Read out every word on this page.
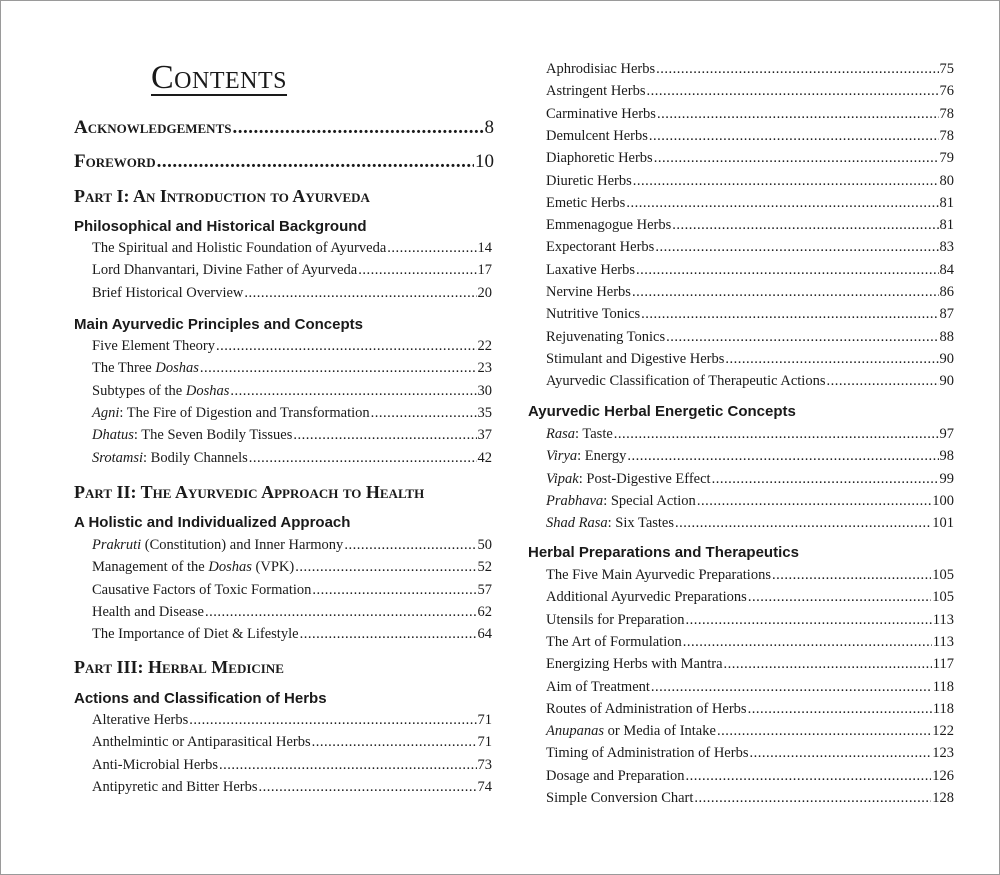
Contents
Acknowledgements .....	8
Foreword .....	10
Part I: An Introduction to Ayurveda
Philosophical and Historical Background
The Spiritual and Holistic Foundation of Ayurveda .....	14
Lord Dhanvantari, Divine Father of Ayurveda .....	17
Brief Historical Overview .....	20
Main Ayurvedic Principles and Concepts
Five Element Theory .....	22
The Three Doshas .....	23
Subtypes of the Doshas .....	30
Agni: The Fire of Digestion and Transformation .....	35
Dhatus: The Seven Bodily Tissues .....	37
Srotamsi: Bodily Channels .....	42
Part II: The Ayurvedic Approach to Health
A Holistic and Individualized Approach
Prakruti (Constitution) and Inner Harmony .....	50
Management of the Doshas (VPK) .....	52
Causative Factors of Toxic Formation .....	57
Health and Disease .....	62
The Importance of Diet & Lifestyle .....	64
Part III: Herbal Medicine
Actions and Classification of Herbs
Alterative Herbs .....	71
Anthelmintic or Antiparasitical Herbs .....	71
Anti-Microbial Herbs .....	73
Antipyretic and Bitter Herbs .....	74
Aphrodisiac Herbs .....	75
Astringent Herbs .....	76
Carminative Herbs .....	78
Demulcent Herbs .....	78
Diaphoretic Herbs .....	79
Diuretic Herbs .....	80
Emetic Herbs .....	81
Emmenagogue Herbs .....	81
Expectorant Herbs .....	83
Laxative Herbs .....	84
Nervine Herbs .....	86
Nutritive Tonics .....	87
Rejuvenating Tonics .....	88
Stimulant and Digestive Herbs .....	90
Ayurvedic Classification of Therapeutic Actions .....	90
Ayurvedic Herbal Energetic Concepts
Rasa: Taste .....	97
Virya: Energy .....	98
Vipak: Post-Digestive Effect .....	99
Prabhava: Special Action .....	100
Shad Rasa: Six Tastes .....	101
Herbal Preparations and Therapeutics
The Five Main Ayurvedic Preparations .....	105
Additional Ayurvedic Preparations .....	105
Utensils for Preparation .....	113
The Art of Formulation .....	113
Energizing Herbs with Mantra .....	117
Aim of Treatment .....	118
Routes of Administration of Herbs .....	118
Anupanas or Media of Intake .....	122
Timing of Administration of Herbs .....	123
Dosage and Preparation .....	126
Simple Conversion Chart .....	128
